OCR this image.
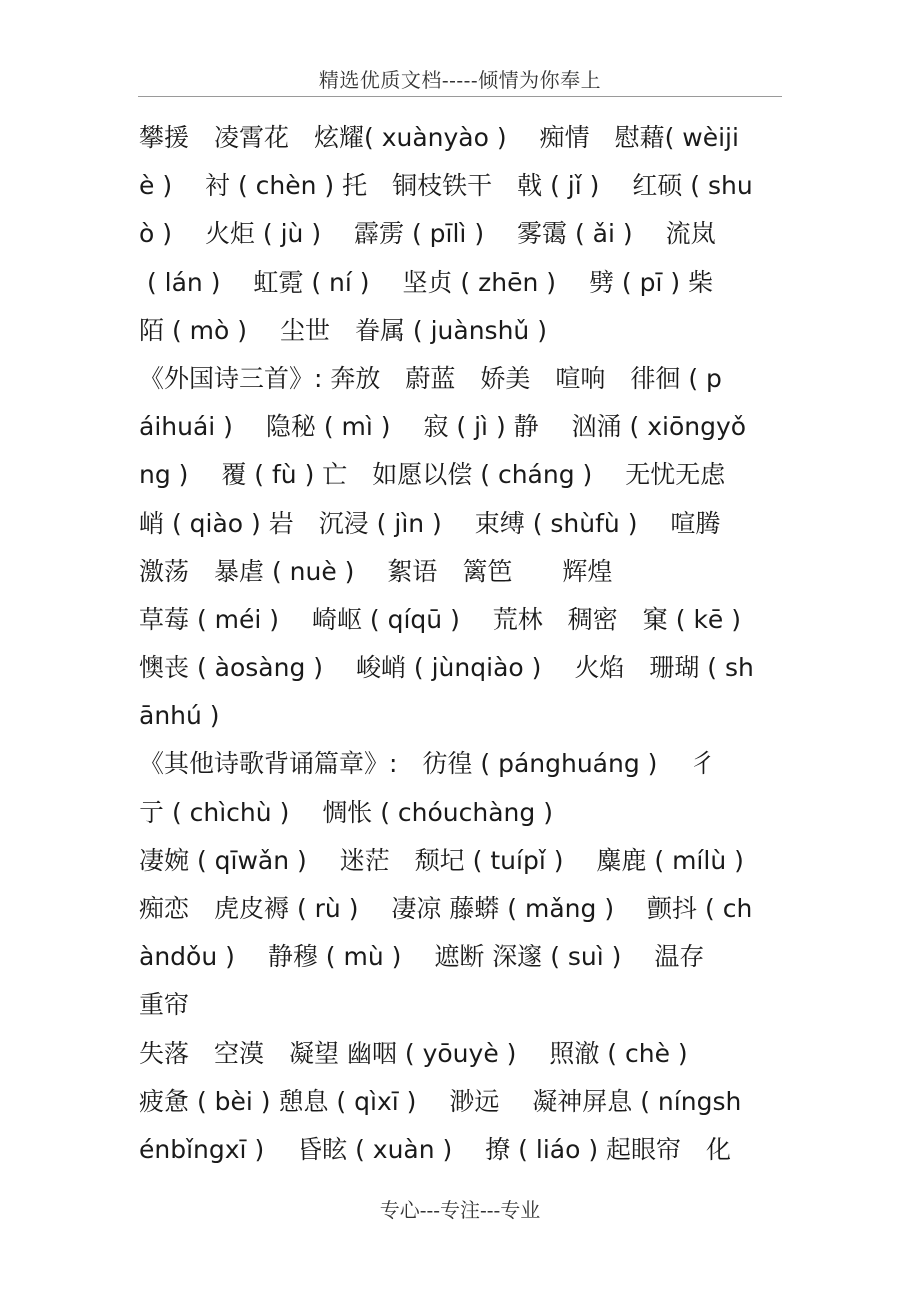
精选优质文档-----倾情为你奉上
攀援　凌霄花　炫耀( xuànyào )　 痴情　慰藉( wèiji
è )　 衬 ( chèn ) 托　铜枝铁干　戟 ( jǐ )　 红硕 ( shu
ò )　 火炬 ( jù )　 霹雳 ( pīlì )　 雾霭 ( ǎi )　 流岚
( lán )　 虹霓 ( ní )　 坚贞 ( zhēn )　 劈 ( pī ) 柴
陌 ( mò )　 尘世　眷属 ( juànshǔ )
《外国诗三首》: 奔放　蔚蓝　娇美　喧响　徘徊 ( p
áihuái )　 隐秘 ( mì )　 寂 ( jì ) 静　 汹涌 ( xiōngyǒ
ng )　 覆 ( fù ) 亡　如愿以偿 ( cháng )　 无忧无虑
峭 ( qiào ) 岩　沉浸 ( jìn )　 束缚 ( shùfù )　 喧腾
激荡　暴虐 ( nuè )　 絮语　篱笆　　辉煌
草莓 ( méi )　 崎岖 ( qíqū )　 荒林　稠密　窠 ( kē )
懊丧 ( àosàng )　 峻峭 ( jùnqiào )　 火焰　珊瑚 ( sh
ānhú )
《其他诗歌背诵篇章》:　彷徨 ( pánghuáng )　 彳
亍 ( chìchù )　 惆怅 ( chóuchàng )
凄婉 ( qīwǎn )　 迷茫　颓圮 ( tuípǐ )　 麋鹿 ( mílù )
痴恋　虎皮褥 ( rù )　 凄凉 藤蟒 ( mǎng )　 颤抖 ( ch
àndǒu )　 静穆 ( mù )　 遮断 深邃 ( suì )　 温存
重帘
失落　空漠　凝望 幽咽 ( yōuyè )　 照澈 ( chè )
疲惫 ( bèi ) 憩息 ( qìxī )　 渺远　 凝神屏息 ( níngsh
énbǐngxī )　 昏眩 ( xuàn )　 撩 ( liáo ) 起眼帘　化
专心---专注---专业
